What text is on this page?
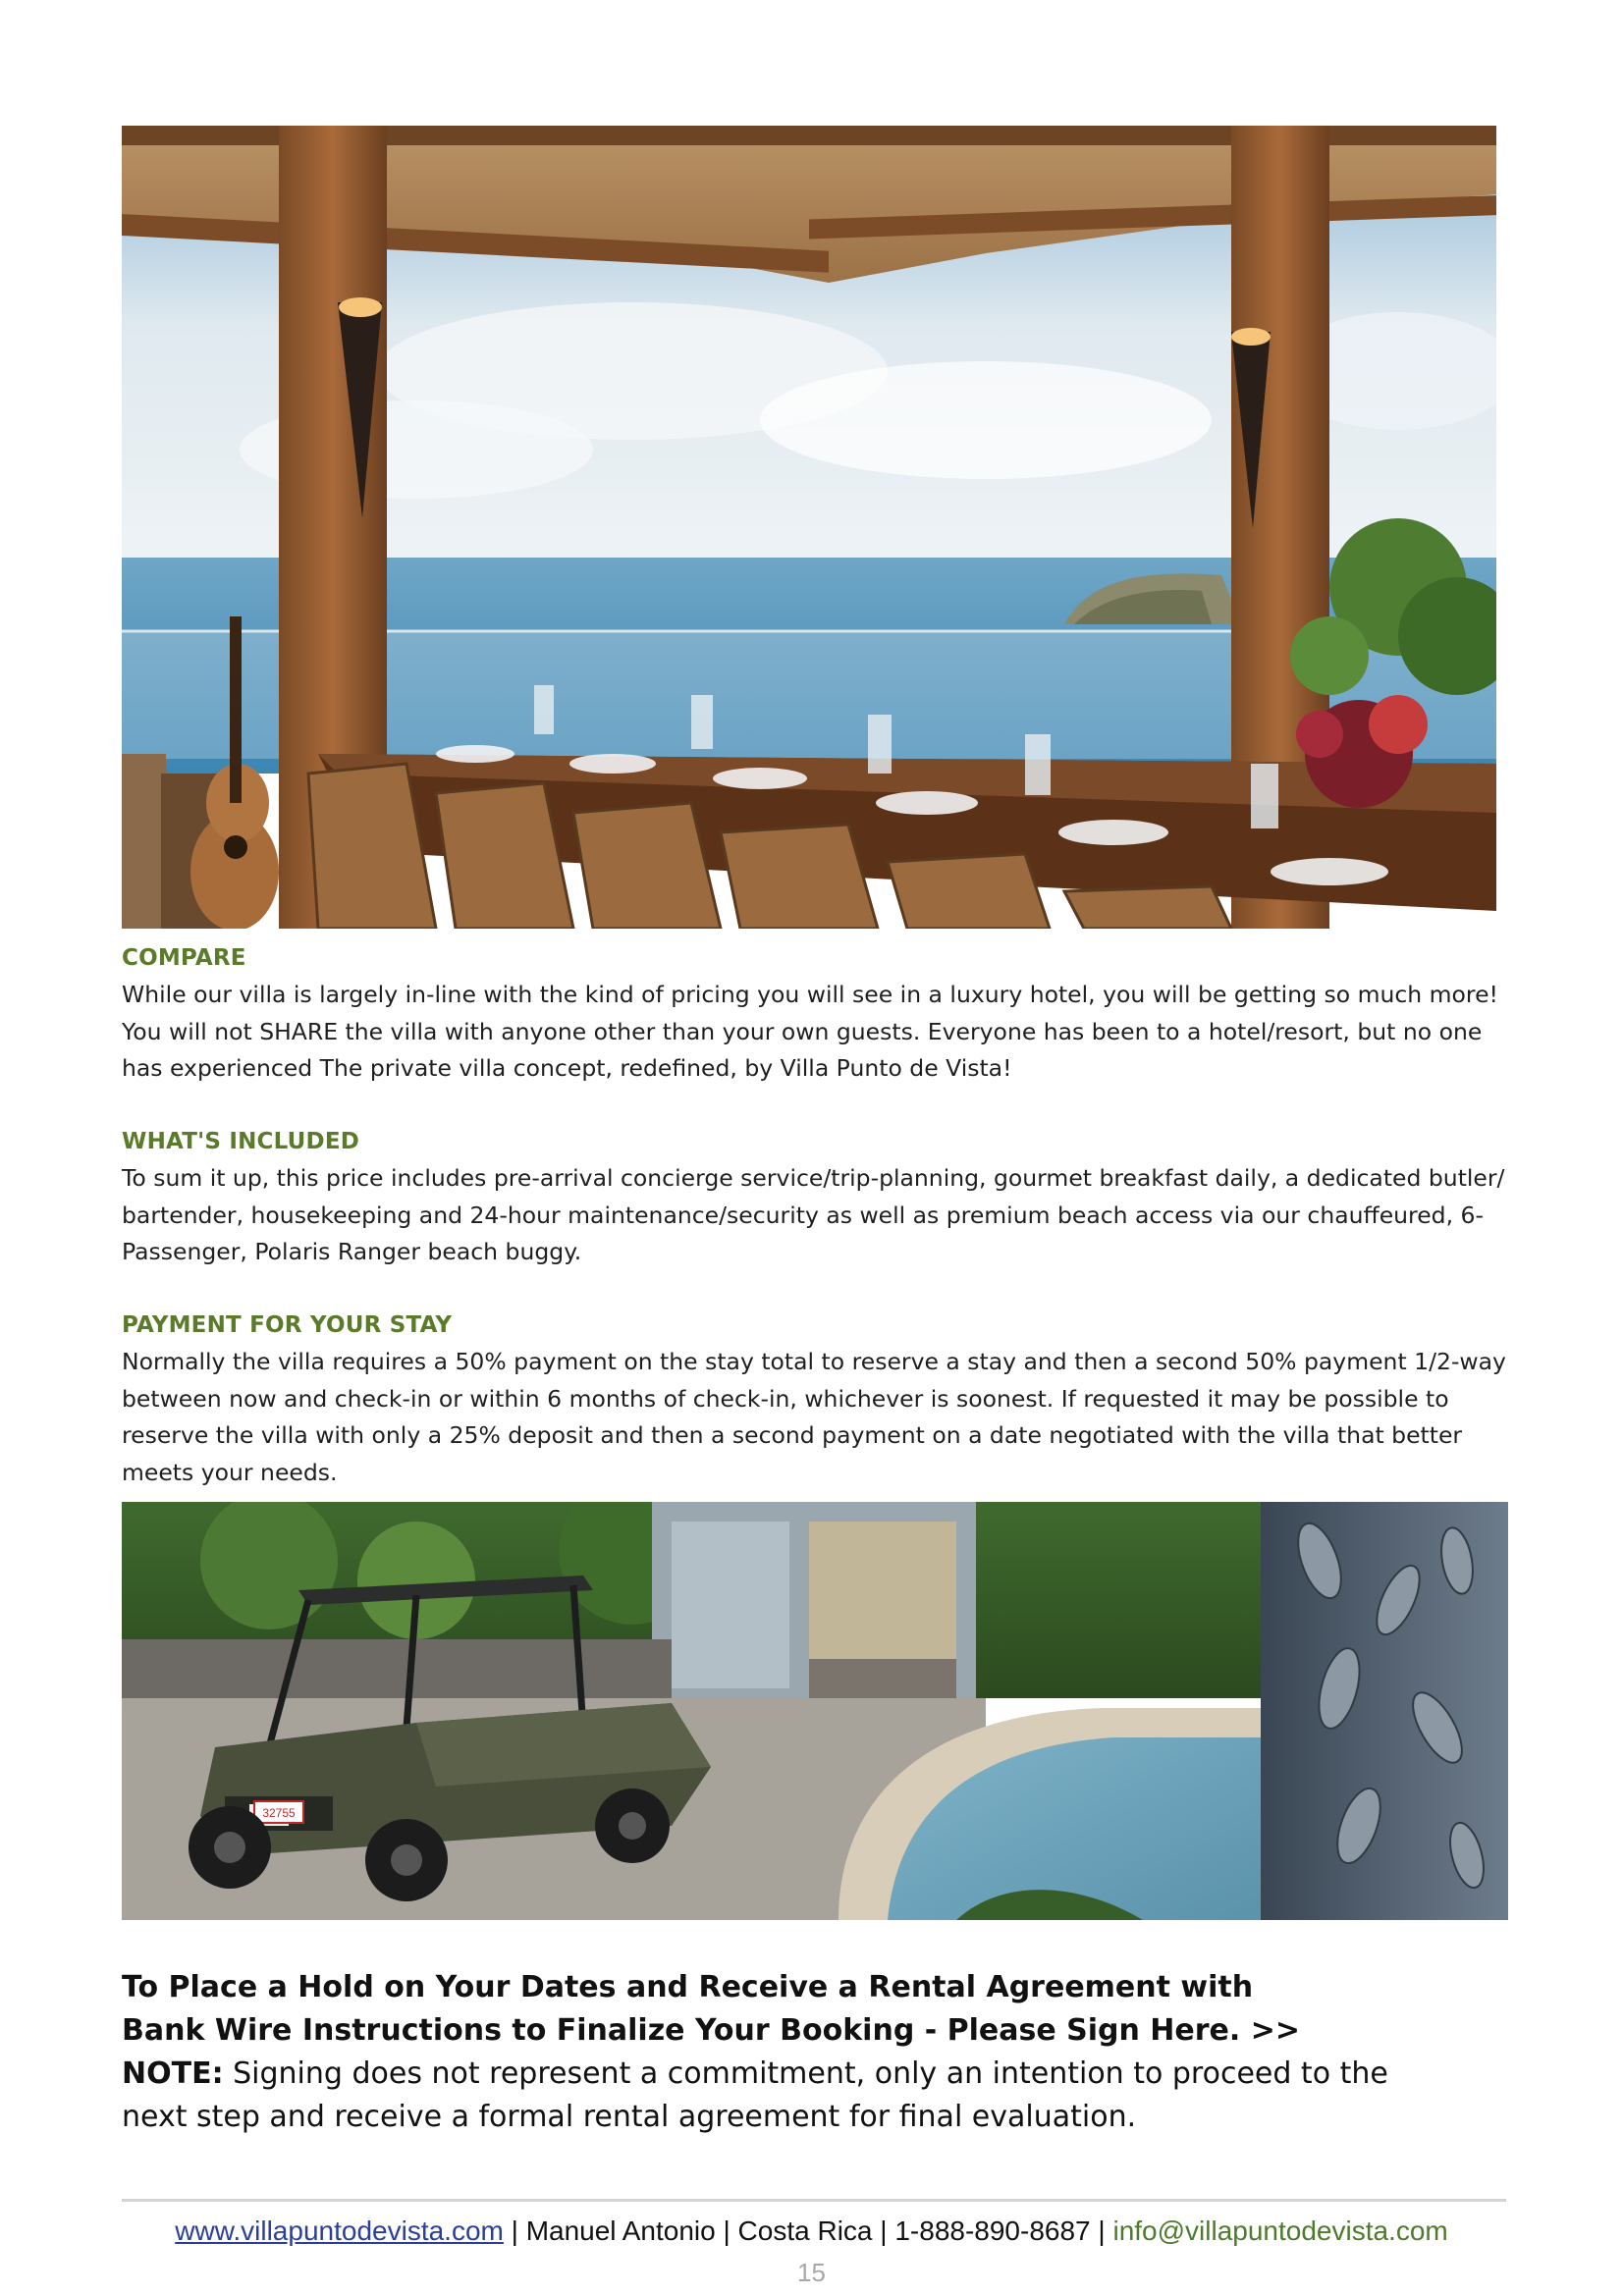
COMPARE

While our villa is largely in-line with the kind of pricing you will see in a luxury hotel, you will be getting so much more! You will not SHARE the villa with anyone other than your own guests. Everyone has been to a hotel/resort, but no one has experienced The private villa concept, redefined, by Villa Punto de Vista!

WHAT'S INCLUDED

To sum it up, this price includes pre-arrival concierge service/trip-planning, gourmet breakfast daily, a dedicated butler/ bartender, housekeeping and 24-hour maintenance/security as well as premium beach access via our chauffeured, 6-Passenger, Polaris Ranger beach buggy.

PAYMENT FOR YOUR STAY

Normally the villa requires a 50% payment on the stay total to reserve a stay and then a second 50% payment 1/2-way between now and check-in or within 6 months of check-in, whichever is soonest. If requested it may be possible to reserve the villa with only a 25% deposit and then a second payment on a date negotiated with the villa that better meets your needs.

32755
To Place a Hold on Your Dates and Receive a Rental Agreement with
Bank Wire Instructions to Finalize Your Booking - Please Sign Here. >>
NOTE: Signing does not represent a commitment, only an intention to proceed to the next step and receive a formal rental agreement for final evaluation.
www.villapuntodevista.com | Manuel Antonio | Costa Rica | 1-888-890-8687 | info@villapuntodevista.com
15
